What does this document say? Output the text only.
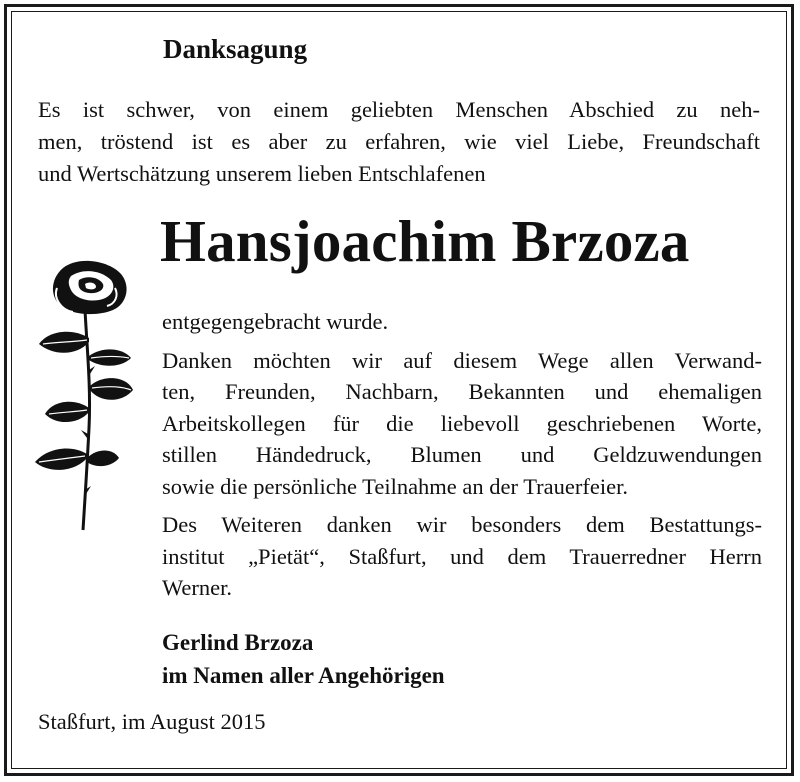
Danksagung
Es ist schwer, von einem geliebten Menschen Abschied zu neh-
men, tröstend ist es aber zu erfahren, wie viel Liebe, Freundschaft
und Wertschätzung unserem lieben Entschlafenen
Hansjoachim Brzoza
entgegengebracht wurde.
Danken möchten wir auf diesem Wege allen Verwand-
ten, Freunden, Nachbarn, Bekannten und ehemaligen
Arbeitskollegen für die liebevoll geschriebenen Worte,
stillen Händedruck, Blumen und Geldzuwendungen
sowie die persönliche Teilnahme an der Trauerfeier.
Des Weiteren danken wir besonders dem Bestattungs-
institut „Pietät“, Staßfurt, und dem Trauerredner Herrn
Werner.
Gerlind Brzoza
im Namen aller Angehörigen
Staßfurt, im August 2015
